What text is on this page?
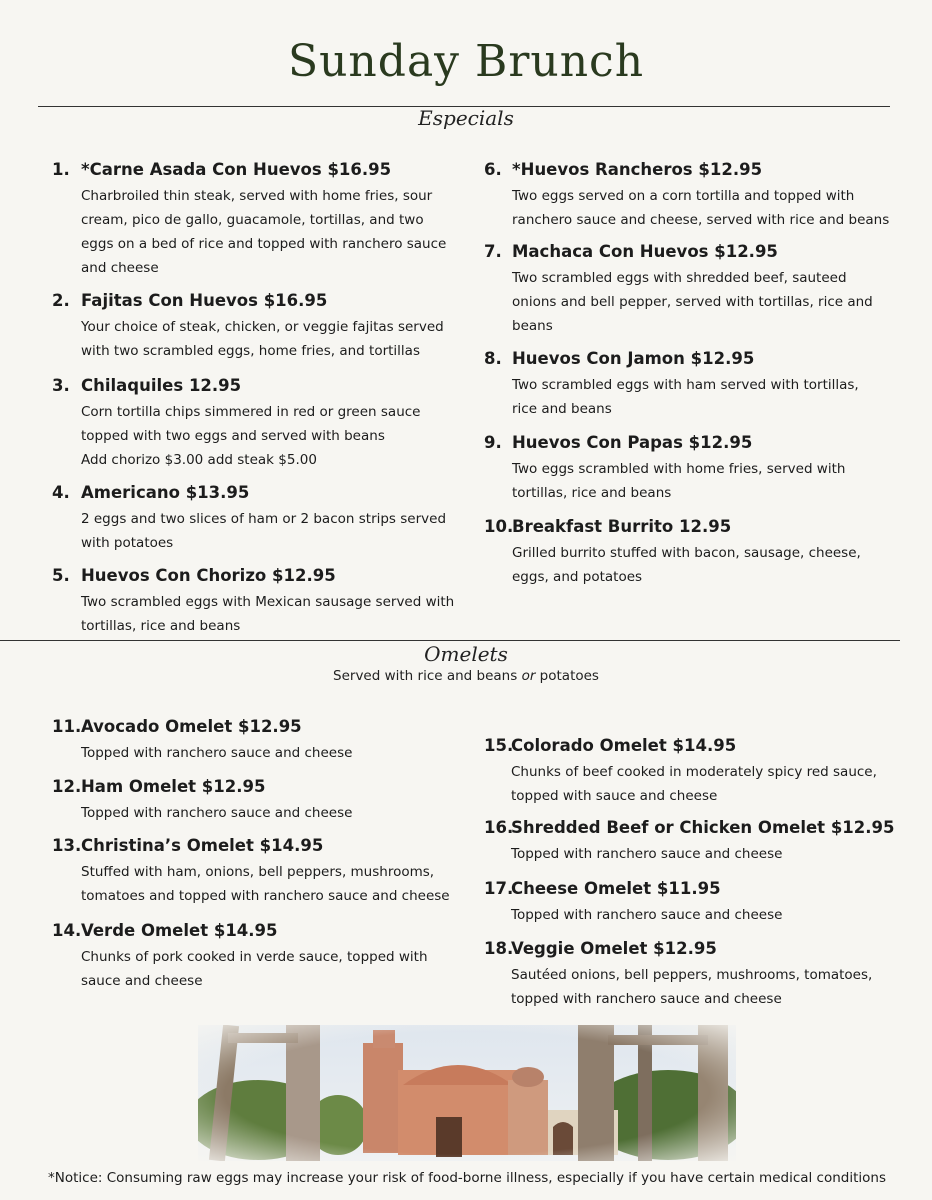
Sunday Brunch
Especials
1. *Carne Asada Con Huevos $16.95
Charbroiled thin steak, served with home fries, sour
cream, pico de gallo, guacamole, tortillas, and two
eggs on a bed of rice and topped with ranchero sauce
and cheese
2. Fajitas Con Huevos $16.95
Your choice of steak, chicken, or veggie fajitas served
with two scrambled eggs, home fries, and tortillas
3. Chilaquiles 12.95
Corn tortilla chips simmered in red or green sauce
topped with two eggs and served with beans
Add chorizo $3.00 add steak $5.00
4. Americano $13.95
2 eggs and two slices of ham or 2 bacon strips served
with potatoes
5. Huevos Con Chorizo $12.95
Two scrambled eggs with Mexican sausage served with
tortillas, rice and beans
6. *Huevos Rancheros $12.95
Two eggs served on a corn tortilla and topped with
ranchero sauce and cheese, served with rice and beans
7. Machaca Con Huevos $12.95
Two scrambled eggs with shredded beef, sauteed
onions and bell pepper, served with tortillas, rice and
beans
8. Huevos Con Jamon $12.95
Two scrambled eggs with ham served with tortillas,
rice and beans
9. Huevos Con Papas $12.95
Two eggs scrambled with home fries, served with
tortillas, rice and beans
10.Breakfast Burrito 12.95
Grilled burrito stuffed with bacon, sausage, cheese,
eggs, and potatoes
Omelets
Served with rice and beans or potatoes
11.Avocado Omelet $12.95
Topped with ranchero sauce and cheese
12.Ham Omelet $12.95
Topped with ranchero sauce and cheese
13.Christina’s Omelet $14.95
Stuffed with ham, onions, bell peppers, mushrooms,
tomatoes and topped with ranchero sauce and cheese
14.Verde Omelet $14.95
Chunks of pork cooked in verde sauce, topped with
sauce and cheese
15.Colorado Omelet $14.95
Chunks of beef cooked in moderately spicy red sauce,
topped with sauce and cheese
16.Shredded Beef or Chicken Omelet $12.95
Topped with ranchero sauce and cheese
17.Cheese Omelet $11.95
Topped with ranchero sauce and cheese
18.Veggie Omelet $12.95
Sautéed onions, bell peppers, mushrooms, tomatoes,
topped with ranchero sauce and cheese
*Notice: Consuming raw eggs may increase your risk of food-borne illness, especially if you have certain medical conditions
